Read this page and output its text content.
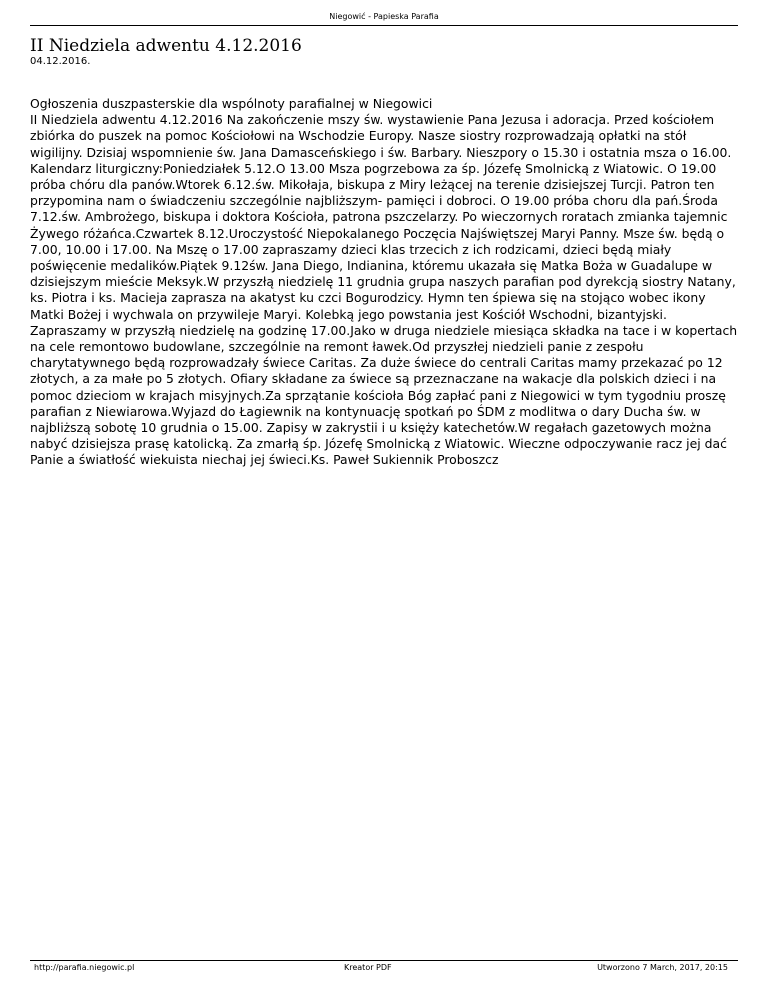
Niegowić - Papieska Parafia
II Niedziela adwentu 4.12.2016
04.12.2016.

Ogłoszenia duszpasterskie dla wspólnoty parafialnej w Niegowici

II Niedziela adwentu 4.12.2016 Na zakończenie mszy św. wystawienie Pana Jezusa i adoracja. Przed kościołem zbiórka do puszek na pomoc Kościołowi na Wschodzie Europy. Nasze siostry rozprowadzają opłatki na stół wigilijny. Dzisiaj wspomnienie św. Jana Damasceńskiego i św. Barbary. Nieszpory o 15.30 i ostatnia msza o 16.00.

Kalendarz liturgiczny:Poniedziałek 5.12.O 13.00 Msza pogrzebowa za śp. Józefę Smolnicką z Wiatowic. O 19.00 próba chóru dla panów.Wtorek 6.12.św. Mikołaja, biskupa z Miry leżącej na terenie dzisiejszej Turcji. Patron ten przypomina nam o świadczeniu szczególnie najbliższym- pamięci i dobroci. O 19.00 próba choru dla pań.Środa 7.12.św. Ambrożego, biskupa i doktora Kościoła, patrona pszczelarzy. Po wieczornych roratach zmianka tajemnic Żywego różańca.Czwartek 8.12.Uroczystość Niepokalanego Poczęcia Najświętszej Maryi Panny. Msze św. będą o 7.00, 10.00 i 17.00. Na Mszę o 17.00 zapraszamy dzieci klas trzecich z ich rodzicami, dzieci będą miały poświęcenie medalików.Piątek 9.12św. Jana Diego, Indianina, któremu ukazała się Matka Boża w Guadalupe w dzisiejszym mieście Meksyk.W przyszłą niedzielę 11 grudnia grupa naszych parafian pod dyrekcją siostry Natany, ks. Piotra i ks. Macieja zaprasza na akatyst ku czci Bogurodzicy. Hymn ten śpiewa się na stojąco wobec ikony Matki Bożej i wychwala on przywileje Maryi. Kolebką jego powstania jest Kościół Wschodni, bizantyjski. Zapraszamy w przyszłą niedzielę na godzinę 17.00.Jako w druga niedziele miesiąca składka na tace i w kopertach na cele remontowo budowlane, szczególnie na remont ławek.Od przyszłej niedzieli panie z zespołu charytatywnego będą rozprowadzały świece Caritas. Za duże świece do centrali Caritas mamy przekazać po 12 złotych, a za małe po 5 złotych. Ofiary składane za świece są przeznaczane na wakacje dla polskich dzieci i na pomoc dzieciom w krajach misyjnych.Za sprzątanie kościoła Bóg zapłać pani z Niegowici w tym tygodniu proszę parafian z Niewiarowa.Wyjazd do Łagiewnik na kontynuację spotkań po ŚDM z modlitwa o dary Ducha św. w najbliższą sobotę 10 grudnia o 15.00. Zapisy w zakrystii i u księży katechetów.W regałach gazetowych można nabyć dzisiejsza prasę katolicką. Za zmarłą śp. Józefę Smolnicką z Wiatowic. Wieczne odpoczywanie racz jej dać Panie a światłość wiekuista niechaj jej świeci.Ks. Paweł Sukiennik Proboszcz

http://parafia.niegowic.pl	Kreator PDF	Utworzono 7 March, 2017, 20:15
